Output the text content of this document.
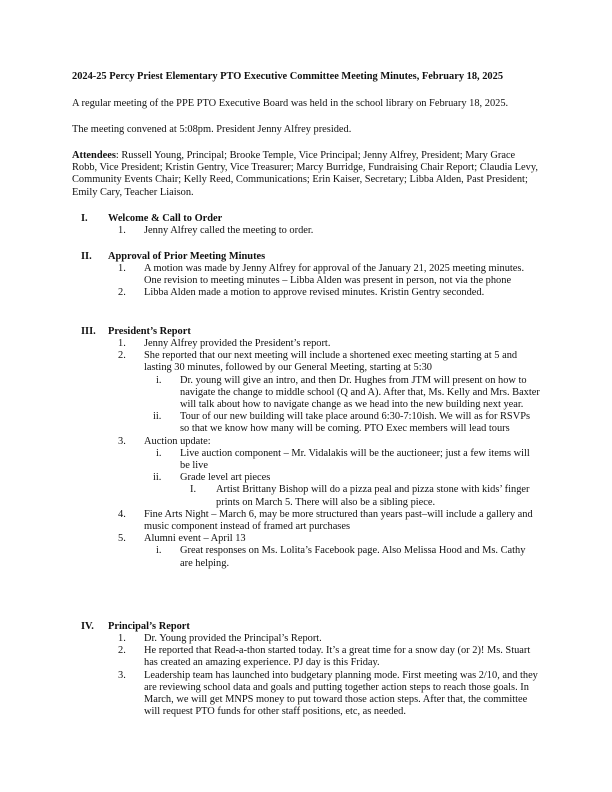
2024-25 Percy Priest Elementary PTO Executive Committee Meeting Minutes, February 18, 2025
A regular meeting of the PPE PTO Executive Board was held in the school library on February 18, 2025.
The meeting convened at 5:08pm. President Jenny Alfrey presided.
Attendees: Russell Young, Principal; Brooke Temple, Vice Principal; Jenny Alfrey, President; Mary Grace Robb, Vice President; Kristin Gentry, Vice Treasurer; Marcy Burridge, Fundraising Chair Report; Claudia Levy, Community Events Chair; Kelly Reed, Communications; Erin Kaiser, Secretary; Libba Alden, Past President; Emily Cary, Teacher Liaison.
I.	Welcome & Call to Order
1. Jenny Alfrey called the meeting to order.
II.	Approval of Prior Meeting Minutes
1. A motion was made by Jenny Alfrey for approval of the January 21, 2025 meeting minutes. One revision to meeting minutes – Libba Alden was present in person, not via the phone
2. Libba Alden made a motion to approve revised minutes. Kristin Gentry seconded.
III.	President’s Report
1. Jenny Alfrey provided the President’s report.
2. She reported that our next meeting will include a shortened exec meeting starting at 5 and lasting 30 minutes, followed by our General Meeting, starting at 5:30
i. Dr. young will give an intro, and then Dr. Hughes from JTM will present on how to navigate the change to middle school (Q and A). After that, Ms. Kelly and Mrs. Baxter will talk about how to navigate change as we head into the new building next year.
ii. Tour of our new building will take place around 6:30-7:10ish. We will as for RSVPs so that we know how many will be coming. PTO Exec members will lead tours
3. Auction update:
i. Live auction component – Mr. Vidalakis will be the auctioneer; just a few items will be live
ii. Grade level art pieces
I. Artist Brittany Bishop will do a pizza peal and pizza stone with kids’ finger prints on March 5. There will also be a sibling piece.
4. Fine Arts Night – March 6, may be more structured than years past–will include a gallery and music component instead of framed art purchases
5. Alumni event – April 13
i. Great responses on Ms. Lolita’s Facebook page. Also Melissa Hood and Ms. Cathy are helping.
IV.	Principal’s Report
1. Dr. Young provided the Principal’s Report.
2. He reported that Read-a-thon started today. It’s a great time for a snow day (or 2)! Ms. Stuart has created an amazing experience. PJ day is this Friday.
3. Leadership team has launched into budgetary planning mode. First meeting was 2/10, and they are reviewing school data and goals and putting together action steps to reach those goals. In March, we will get MNPS money to put toward those action steps. After that, the committee will request PTO funds for other staff positions, etc, as needed.
